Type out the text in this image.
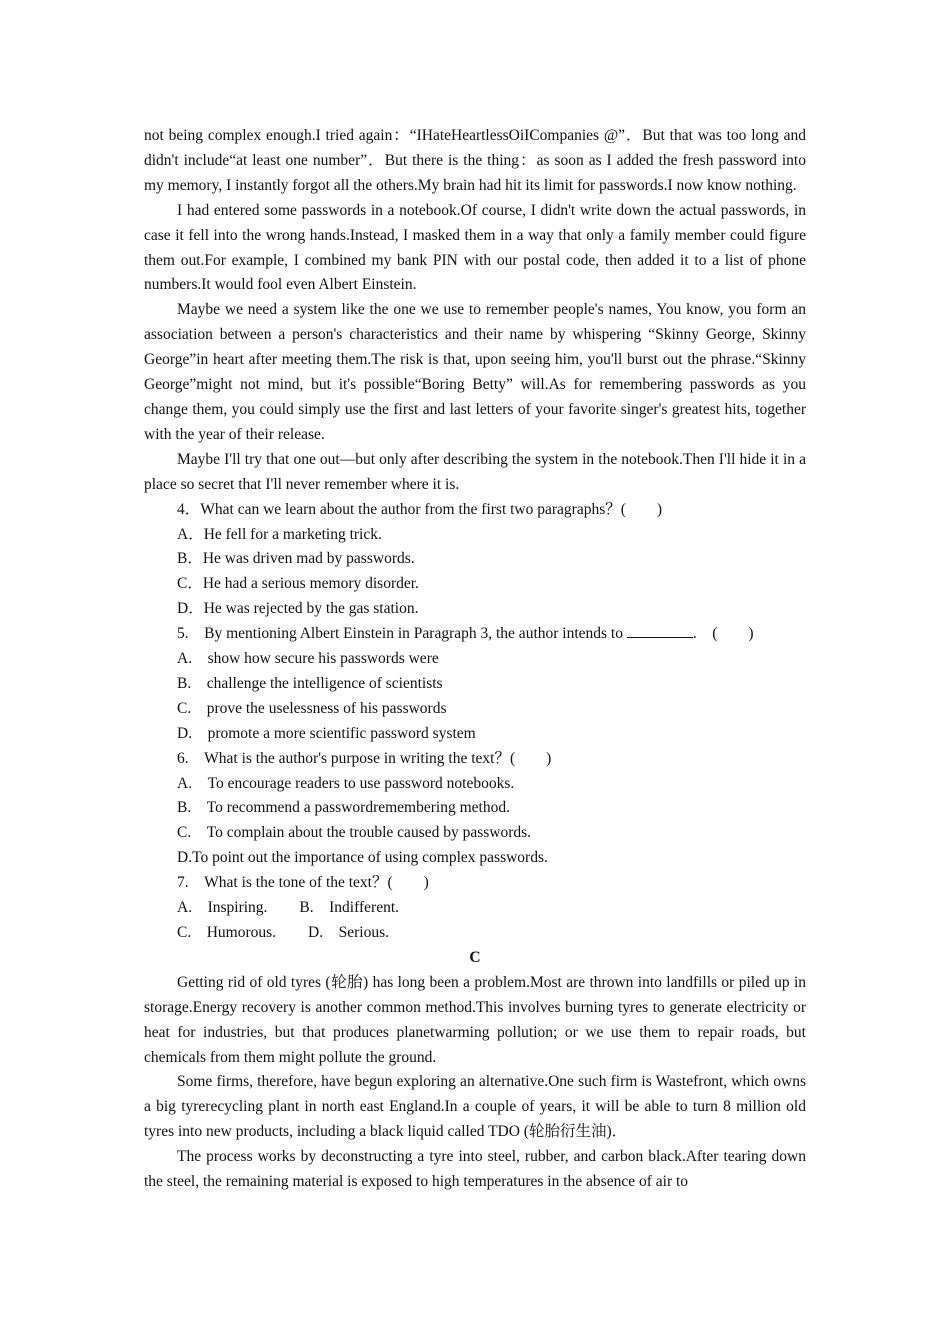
not being complex enough.I tried again：“IHateHeartlessOiICompanies @”．But that was too long and didn't include“at least one number”．But there is the thing：as soon as I added the fresh password into my memory, I instantly forgot all the others.My brain had hit its limit for passwords.I now know nothing.

I had entered some passwords in a notebook.Of course, I didn't write down the actual passwords, in case it fell into the wrong hands.Instead, I masked them in a way that only a family member could figure them out.For example, I combined my bank PIN with our postal code, then added it to a list of phone numbers.It would fool even Albert Einstein.

Maybe we need a system like the one we use to remember people's names, You know, you form an association between a person's characteristics and their name by whispering “Skinny George, Skinny George”in heart after meeting them.The risk is that, upon seeing him, you'll burst out the phrase.“Skinny George”might not mind, but it's possible“Boring Betty” will.As for remembering passwords as you change them, you could simply use the first and last letters of your favorite singer's greatest hits, together with the year of their release.

Maybe I'll try that one out—but only after describing the system in the notebook.Then I'll hide it in a place so secret that I'll never remember where it is.

4．What can we learn about the author from the first two paragraphs？(　　)

A．He fell for a marketing trick.

B．He was driven mad by passwords.

C．He had a serious memory disorder.

D．He was rejected by the gas station.

5.　By mentioning Albert Einstein in Paragraph 3, the author intends to	.　(　　)

A.　show how secure his passwords were

B.　challenge the intelligence of scientists

C.　prove the uselessness of his passwords

D.　promote a more scientific password system

6.　What is the author's purpose in writing the text？(　　)

A.　To encourage readers to use password notebooks.

B.　To recommend a passwordremembering method.

C.　To complain about the trouble caused by passwords.

D.To point out the importance of using complex passwords.

7.　What is the tone of the text？(　　)

A.　Inspiring. B.　Indifferent.

C.　Humorous. D.　Serious.

C

Getting rid of old tyres (轮胎) has long been a problem.Most are thrown into landfills or piled up in storage.Energy recovery is another common method.This involves burning tyres to generate electricity or heat for industries, but that produces planetwarming pollution; or we use them to repair roads, but chemicals from them might pollute the ground.

Some firms, therefore, have begun exploring an alternative.One such firm is Wastefront, which owns a big tyrerecycling plant in north east England.In a couple of years, it will be able to turn 8 million old tyres into new products, including a black liquid called TDO (轮胎衍生油)．

The process works by deconstructing a tyre into steel, rubber, and carbon black.After tearing down the steel, the remaining material is exposed to high temperatures in the absence of air to
